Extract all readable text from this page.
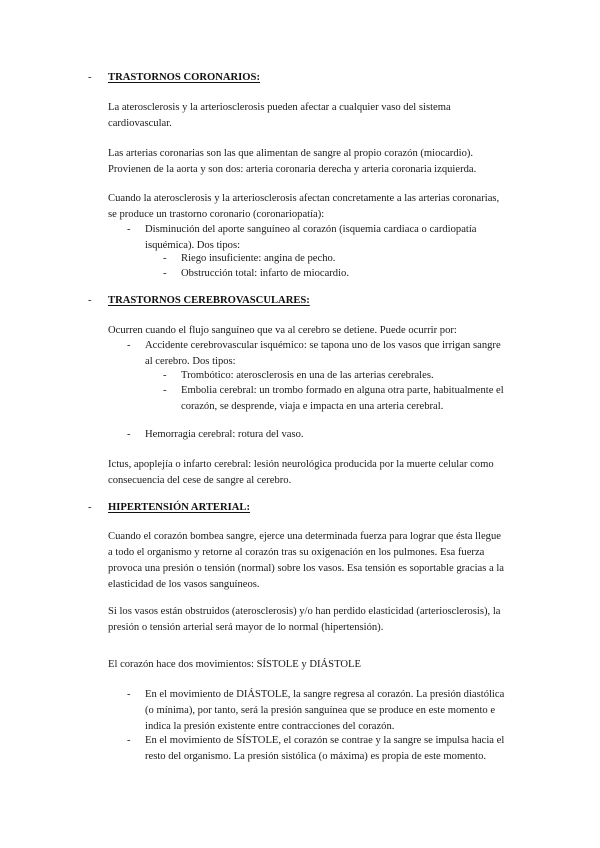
- TRASTORNOS CORONARIOS:

La aterosclerosis y la arteriosclerosis pueden afectar a cualquier vaso del sistema
cardiovascular.

Las arterias coronarias son las que alimentan de sangre al propio corazón (miocardio).
Provienen de la aorta y son dos: arteria coronaria derecha y arteria coronaria izquierda.

Cuando la aterosclerosis y la arteriosclerosis afectan concretamente a las arterias coronarias,
se produce un trastorno coronario (coronariopatía):

- Disminución del aporte sanguíneo al corazón (isquemia cardiaca o cardiopatía
isquémica). Dos tipos:

- Riego insuficiente: angina de pecho.
- Obstrucción total: infarto de miocardio.
- TRASTORNOS CEREBROVASCULARES:

Ocurren cuando el flujo sanguíneo que va al cerebro se detiene. Puede ocurrir por:

- Accidente cerebrovascular isquémico: se tapona uno de los vasos que irrigan sangre
al cerebro. Dos tipos:

- Trombótico: aterosclerosis en una de las arterias cerebrales.

- Embolia cerebral: un trombo formado en alguna otra parte, habitualmente el
corazón, se desprende, viaja e impacta en una arteria cerebral.

- Hemorragia cerebral: rotura del vaso.

Ictus, apoplejía o infarto cerebral: lesión neurológica producida por la muerte celular como
consecuencia del cese de sangre al cerebro.

- HIPERTENSIÓN ARTERIAL:

Cuando el corazón bombea sangre, ejerce una determinada fuerza para lograr que ésta llegue
a todo el organismo y retorne al corazón tras su oxigenación en los pulmones. Esa fuerza
provoca una presión o tensión (normal) sobre los vasos. Esa tensión es soportable gracias a la
elasticidad de los vasos sanguíneos.

Si los vasos están obstruidos (aterosclerosis) y/o han perdido elasticidad (arteriosclerosis), la
presión o tensión arterial será mayor de lo normal (hipertensión).

El corazón hace dos movimientos: SÍSTOLE y DIÁSTOLE

- En el movimiento de DIÁSTOLE, la sangre regresa al corazón. La presión diastólica
(o mínima), por tanto, será la presión sanguínea que se produce en este momento e
indica la presión existente entre contracciones del corazón.

- En el movimiento de SÍSTOLE, el corazón se contrae y la sangre se impulsa hacia el
resto del organismo. La presión sistólica (o máxima) es propia de este momento.
